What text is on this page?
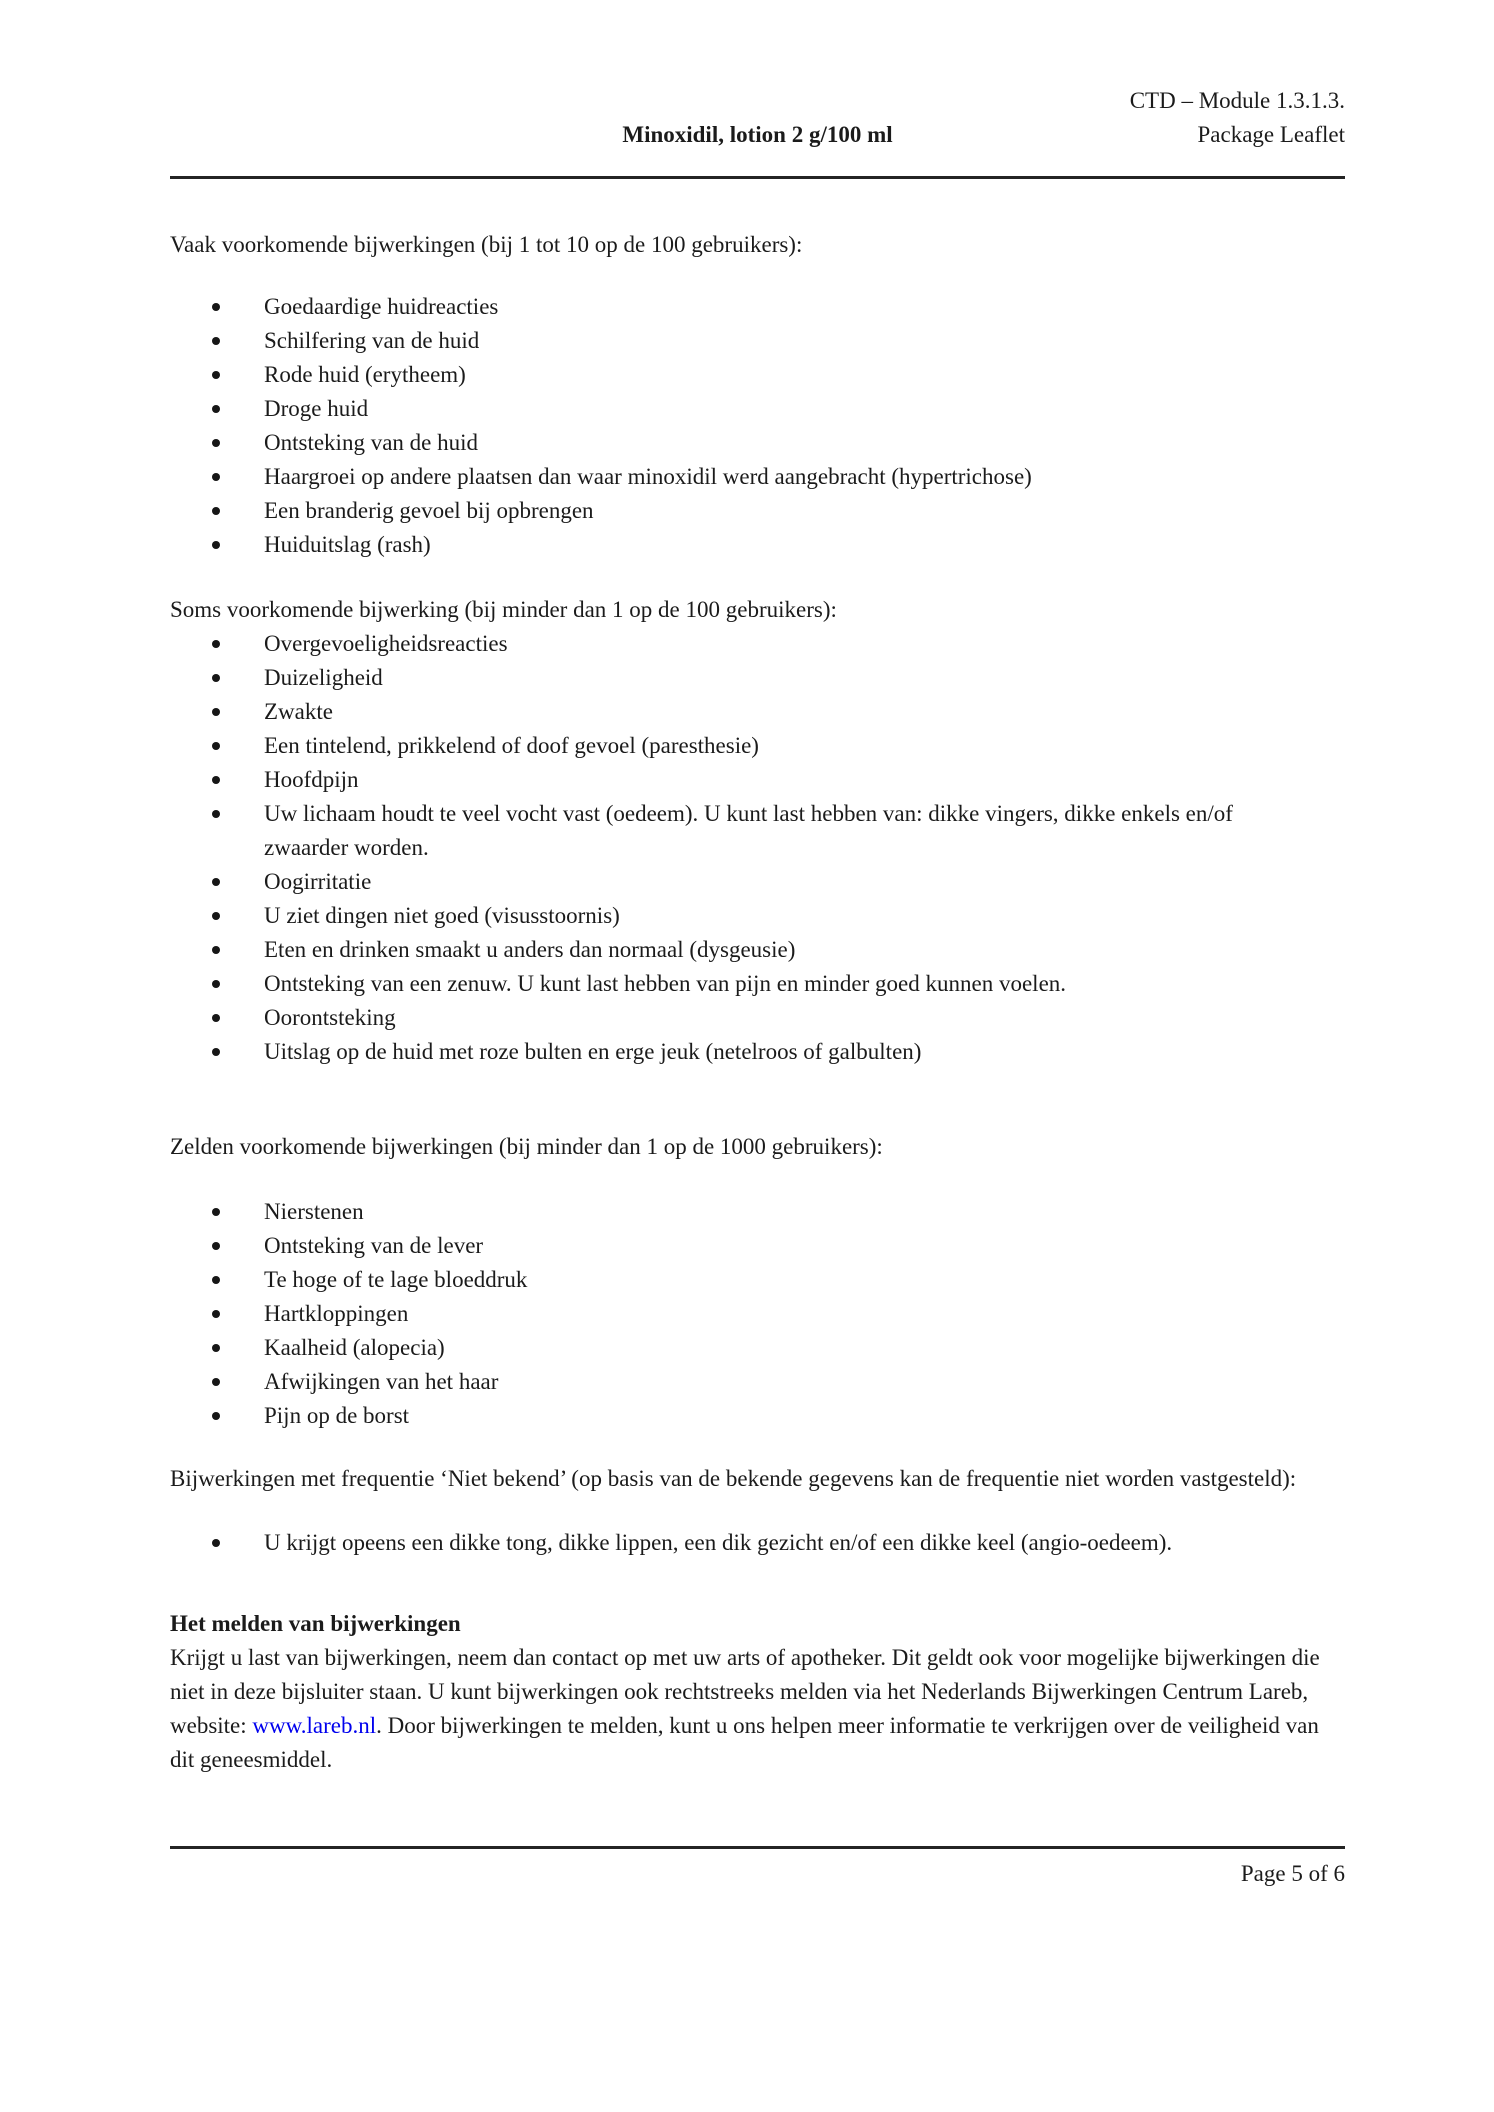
CTD – Module 1.3.1.3.
Minoxidil, lotion 2 g/100 ml	Package Leaflet

Vaak voorkomende bijwerkingen (bij 1 tot 10 op de 100 gebruikers):

Goedaardige huidreacties
Schilfering van de huid
Rode huid (erytheem)
Droge huid
Ontsteking van de huid
Haargroei op andere plaatsen dan waar minoxidil werd aangebracht (hypertrichose)
Een branderig gevoel bij opbrengen
Huiduitslag (rash)

Soms voorkomende bijwerking (bij minder dan 1 op de 100 gebruikers):

Overgevoeligheidsreacties
Duizeligheid
Zwakte
Een tintelend, prikkelend of doof gevoel (paresthesie)
Hoofdpijn
Uw lichaam houdt te veel vocht vast (oedeem). U kunt last hebben van: dikke vingers, dikke enkels en/of zwaarder worden.
Oogirritatie
U ziet dingen niet goed (visusstoornis)
Eten en drinken smaakt u anders dan normaal (dysgeusie)
Ontsteking van een zenuw. U kunt last hebben van pijn en minder goed kunnen voelen.
Oorontsteking
Uitslag op de huid met roze bulten en erge jeuk (netelroos of galbulten)

Zelden voorkomende bijwerkingen (bij minder dan 1 op de 1000 gebruikers):

Nierstenen
Ontsteking van de lever
Te hoge of te lage bloeddruk
Hartkloppingen
Kaalheid (alopecia)
Afwijkingen van het haar
Pijn op de borst

Bijwerkingen met frequentie ‘Niet bekend’ (op basis van de bekende gegevens kan de frequentie niet worden vastgesteld):

U krijgt opeens een dikke tong, dikke lippen, een dik gezicht en/of een dikke keel (angio-oedeem).

Het melden van bijwerkingen

Krijgt u last van bijwerkingen, neem dan contact op met uw arts of apotheker. Dit geldt ook voor mogelijke bijwerkingen die niet in deze bijsluiter staan. U kunt bijwerkingen ook rechtstreeks melden via het Nederlands Bijwerkingen Centrum Lareb, website: www.lareb.nl. Door bijwerkingen te melden, kunt u ons helpen meer informatie te verkrijgen over de veiligheid van dit geneesmiddel.

Page 5 of 6
